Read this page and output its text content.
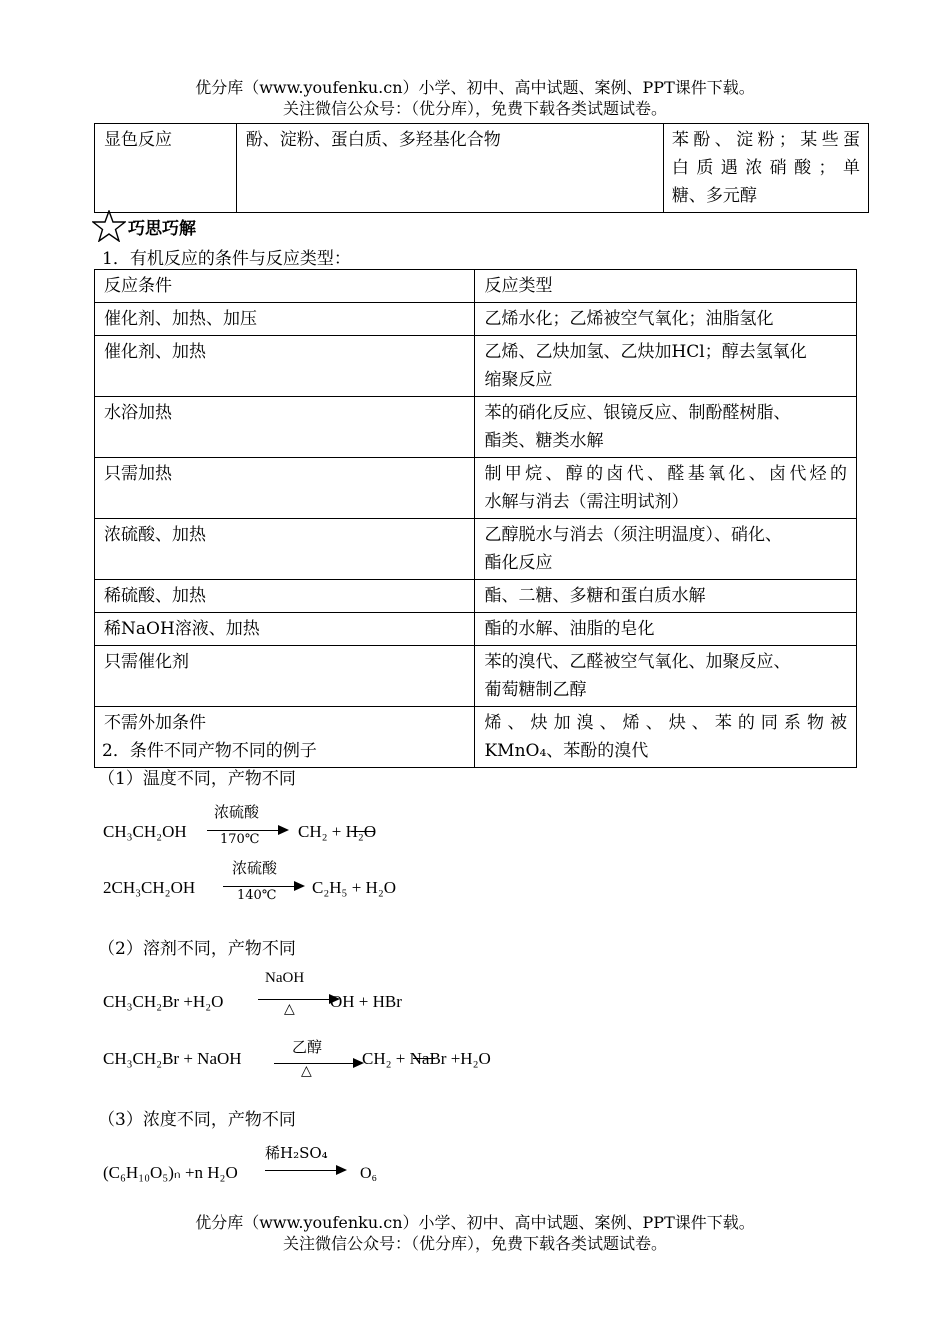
优分库（www.youfenku.cn）小学、初中、高中试题、案例、PPT课件下载。
关注微信公众号：（优分库），免费下载各类试题试卷。
显色反应	酚、淀粉、蛋白质、多羟基化合物	苯酚、淀粉；某些蛋
白质遇浓硝酸；单
糖、多元醇
巧思巧解
1．有机反应的条件与反应类型：
反应条件	反应类型
催化剂、加热、加压	乙烯水化；乙烯被空气氧化；油脂氢化
催化剂、加热	乙烯、乙炔加氢、乙炔加HCl；醇去氢氧化
缩聚反应

水浴加热	苯的硝化反应、银镜反应、制酚醛树脂、
酯类、糖类水解

只需加热	制甲烷、醇的卤代、醛基氧化、卤代烃的
水解与消去（需注明试剂）

浓硫酸、加热	乙醇脱水与消去（须注明温度）、硝化、
酯化反应

稀硫酸、加热	酯、二糖、多糖和蛋白质水解
稀NaOH溶液、加热	酯的水解、油脂的皂化
只需催化剂	苯的溴代、乙醛被空气氧化、加聚反应、
葡萄糖制乙醇

不需外加条件	烯、炔加溴、烯、炔、苯的同系物被
KMnO₄、苯酚的溴代
2．条件不同产物不同的例子
（1）温度不同，产物不同
CH₃CH₂OH
浓硫酸
170℃ CH₂ + H₂O
2CH₃CH₂OH
浓硫酸
140℃ C₂H₅ + H₂O
（2）溶剂不同，产物不同
CH₃CH₂Br +H₂O
NaOH
△ OH + HBr
CH₃CH₂Br + NaOH
乙醇
△
CH₂ + NaBr +H₂O
（3）浓度不同，产物不同
(C₆H₁₀O₅)ₙ +n H₂O
稀H₂SO₄
O₆
优分库（www.youfenku.cn）小学、初中、高中试题、案例、PPT课件下载。
关注微信公众号：（优分库），免费下载各类试题试卷。
